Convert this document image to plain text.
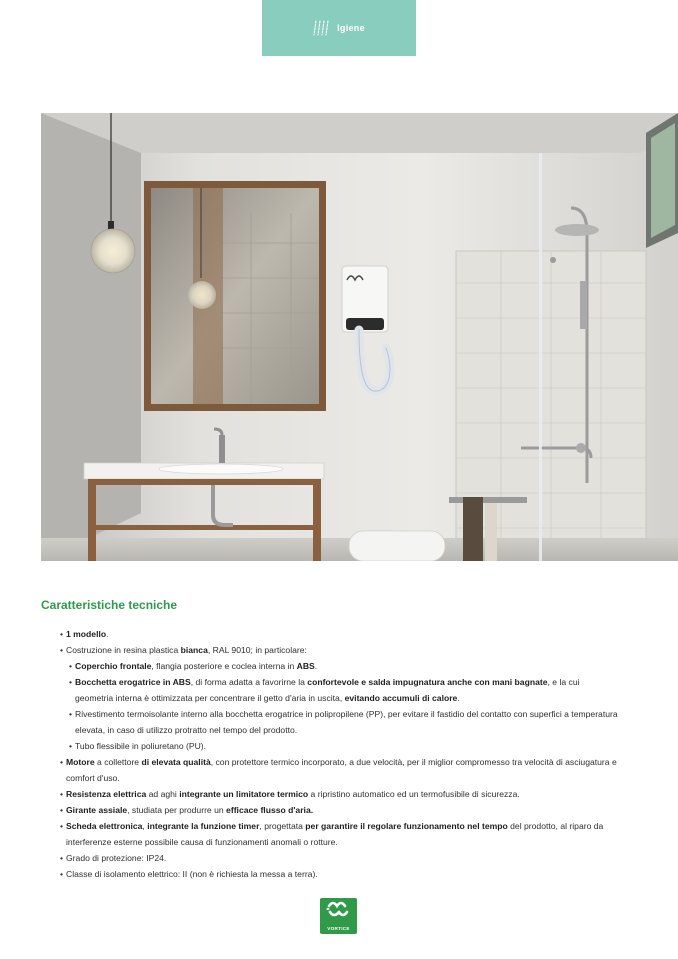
Igiene
Caratteristiche tecniche
• 1 modello.
• Costruzione in resina plastica bianca, RAL 9010; in particolare:
• Coperchio frontale, flangia posteriore e coclea interna in ABS.
• Bocchetta erogatrice in ABS, di forma adatta a favorirne la confortevole e salda impugnatura anche con mani bagnate, e la cui geometria interna è ottimizzata per concentrare il getto d'aria in uscita, evitando accumuli di calore.
• Rivestimento termoisolante interno alla bocchetta erogatrice in polipropilene (PP), per evitare il fastidio del contatto con superfici a temperatura elevata, in caso di utilizzo protratto nel tempo del prodotto.
• Tubo flessibile in poliuretano (PU).
• Motore a collettore di elevata qualità, con protettore termico incorporato, a due velocità, per il miglior compromesso tra velocità di asciugatura e comfort d'uso.
• Resistenza elettrica ad aghi integrante un limitatore termico a ripristino automatico ed un termofusibile di sicurezza.
• Girante assiale, studiata per produrre un efficace flusso d'aria.
• Scheda elettronica, integrante la funzione timer, progettata per garantire il regolare funzionamento nel tempo del prodotto, al riparo da interferenze esterne possibile causa di funzionamenti anomali o rotture.
• Grado di protezione: IP24.
• Classe di isolamento elettrico: II (non è richiesta la messa a terra).
VORTICE
